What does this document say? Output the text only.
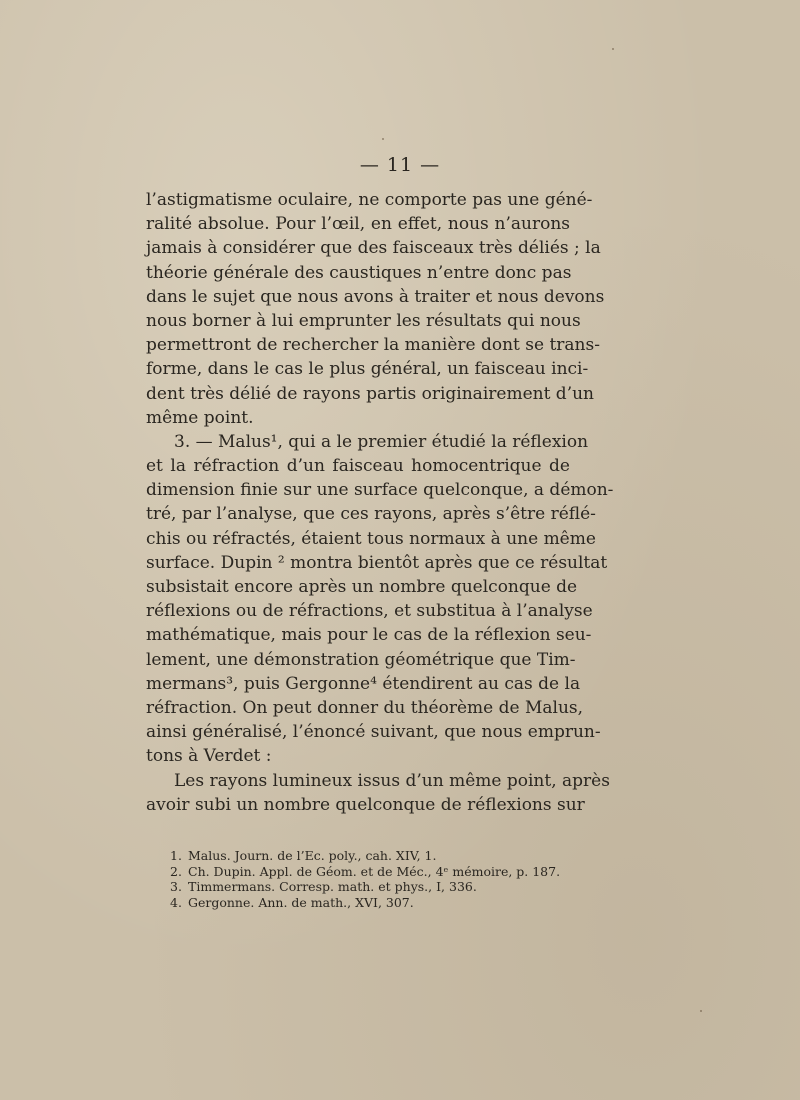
— 11 —
l’astigmatisme oculaire, ne comporte pas une géné-
ralité absolue. Pour l’œil, en effet, nous n’aurons
jamais à considérer que des faisceaux très déliés ; la
théorie générale des caustiques n’entre donc pas
dans le sujet que nous avons à traiter et nous devons
nous borner à lui emprunter les résultats qui nous
permettront de rechercher la manière dont se trans-
forme, dans le cas le plus général, un faisceau inci-
dent très délié de rayons partis originairement d’un
même point.
3. — Malus¹, qui a le premier étudié la réflexion
et la réfraction d’un faisceau homocentrique de
dimension finie sur une surface quelconque, a démon-
tré, par l’analyse, que ces rayons, après s’être réflé-
chis ou réfractés, étaient tous normaux à une même
surface. Dupin ² montra bientôt après que ce résultat
subsistait encore après un nombre quelconque de
réflexions ou de réfractions, et substitua à l’analyse
mathématique, mais pour le cas de la réflexion seu-
lement, une démonstration géométrique que Tim-
mermans³, puis Gergonne⁴ étendirent au cas de la
réfraction. On peut donner du théorème de Malus,
ainsi généralisé, l’énoncé suivant, que nous emprun-
tons à Verdet :
Les rayons lumineux issus d’un même point, après
avoir subi un nombre quelconque de réflexions sur
1. Malus. Journ. de l’Ec. poly., cah. XIV, 1.
2. Ch. Dupin. Appl. de Géom. et de Méc., 4ᵉ mémoire, p. 187.
3. Timmermans. Corresp. math. et phys., I, 336.
4. Gergonne. Ann. de math., XVI, 307.
